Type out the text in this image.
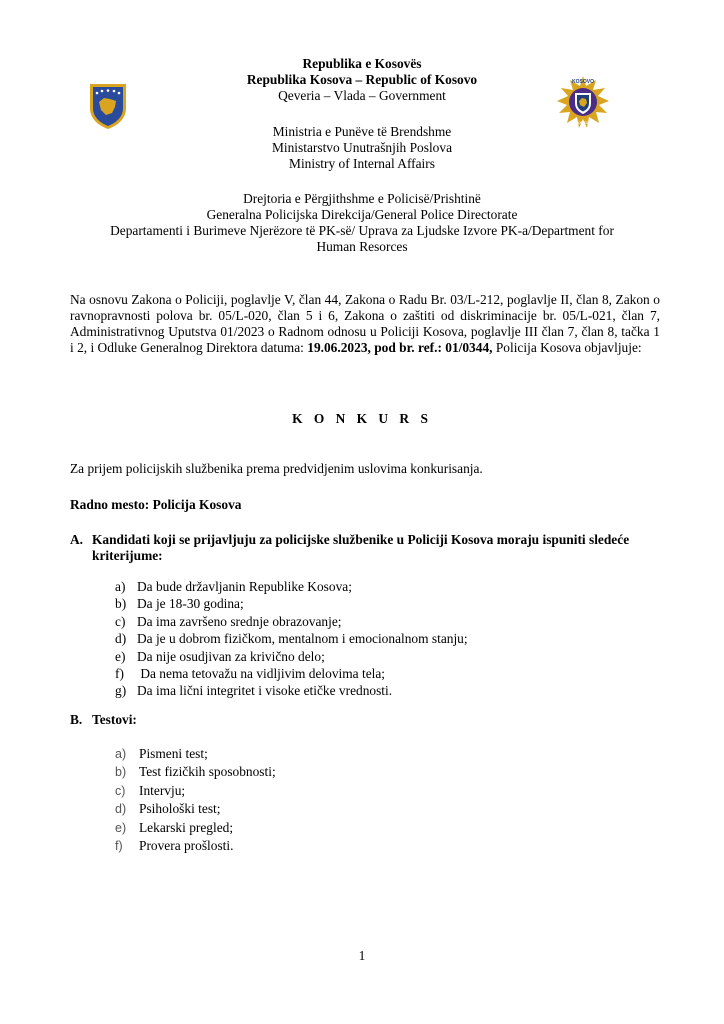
KOSOVO
POLICIA
Republika e Kosovës
Republika Kosova – Republic of Kosovo
Qeveria – Vlada – Government
Ministria e Punëve të Brendshme
Ministarstvo Unutrašnjih Poslova
Ministry of Internal Affairs
Drejtoria e Përgjithshme e Policisë/Prishtinë
Generalna Policijska Direkcija/General Police Directorate
Departamenti i Burimeve Njerëzore të PK-së/ Uprava za Ljudske Izvore PK-a/Department for
Human Resorces
Na osnovu Zakona o Policiji, poglavlje V, član 44, Zakona o Radu Br. 03/L-212, poglavlje II, član 8, Zakon o ravnopravnosti polova br. 05/L-020, član 5 i 6, Zakona o zaštiti od diskriminacije br. 05/L-021, član 7, Administrativnog Uputstva 01/2023 o Radnom odnosu u Policiji Kosova, poglavlje III član 7, član 8, tačka 1 i 2, i Odluke Generalnog Direktora datuma: 19.06.2023, pod br. ref.: 01/0344, Policija Kosova objavljuje:
K O N K U R S
Za prijem policijskih službenika prema predvidjenim uslovima konkurisanja.
Radno mesto: Policija Kosova
A. Kandidati koji se prijavljuju za policijske službenike u Policiji Kosova moraju ispuniti sledeće kriterijume:
a) Da bude državljanin Republike Kosova;
b) Da je 18-30 godina;
c) Da ima završeno srednje obrazovanje;
d) Da je u dobrom fizičkom, mentalnom i emocionalnom stanju;
e) Da nije osudjivan za krivično delo;
f) Da nema tetovažu na vidljivim delovima tela;
g) Da ima lični integritet i visoke etičke vrednosti.
B. Testovi:
a) Pismeni test;
b) Test fizičkih sposobnosti;
c) Intervju;
d) Psihološki test;
e) Lekarski pregled;
f) Provera prošlosti.
1
